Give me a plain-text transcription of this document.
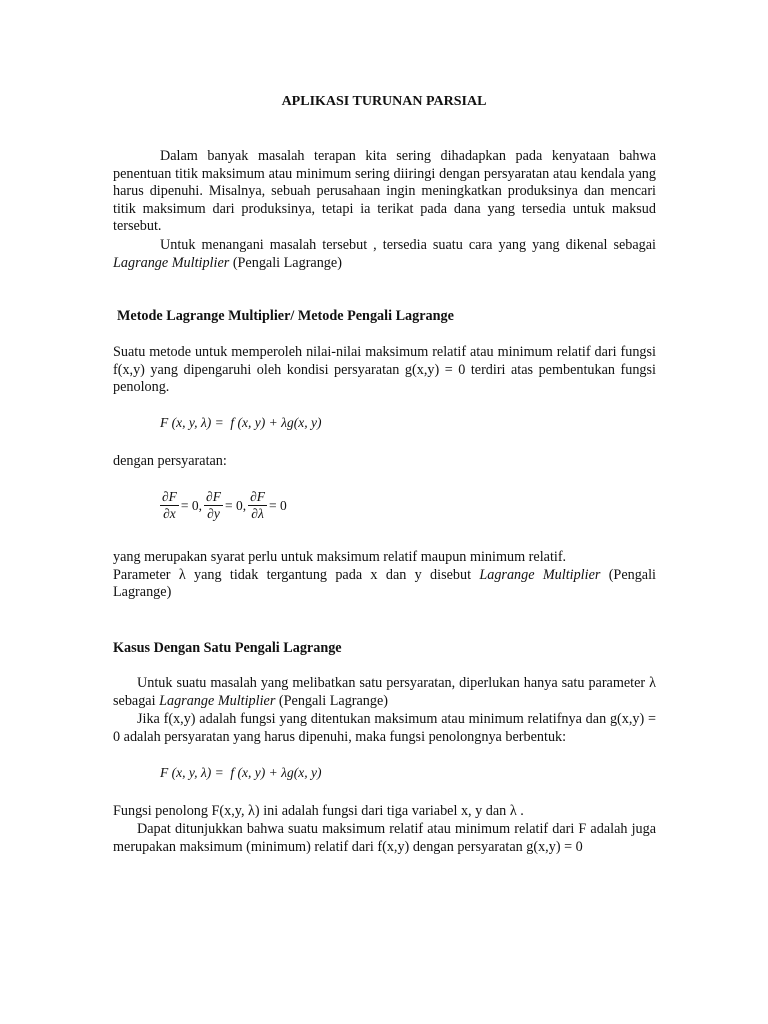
APLIKASI TURUNAN PARSIAL
Dalam banyak masalah terapan kita sering dihadapkan pada kenyataan bahwa penentuan titik maksimum atau minimum sering diiringi dengan persyaratan atau kendala yang harus dipenuhi. Misalnya, sebuah perusahaan ingin meningkatkan produksinya dan mencari titik maksimum dari produksinya, tetapi ia terikat pada dana yang tersedia untuk maksud tersebut.
Untuk menangani masalah tersebut , tersedia suatu cara yang yang dikenal sebagai Lagrange Multiplier (Pengali Lagrange)
Metode Lagrange Multiplier/ Metode Pengali Lagrange
Suatu metode untuk memperoleh nilai-nilai maksimum relatif atau minimum relatif dari fungsi f(x,y) yang dipengaruhi oleh kondisi persyaratan g(x,y) = 0 terdiri atas pembentukan fungsi penolong.
F (x, y, λ) =  f (x, y) + λg(x, y)
dengan persyaratan:
$\frac{\partial F}{\partial x} = 0$, $\frac{\partial F}{\partial y} = 0$, $\frac{\partial F}{\partial\lambda} = 0$
yang merupakan syarat perlu untuk maksimum relatif maupun minimum relatif.
Parameter λ yang tidak tergantung pada x dan y disebut Lagrange Multiplier (Pengali Lagrange)
Kasus Dengan Satu Pengali Lagrange
Untuk suatu masalah yang melibatkan satu persyaratan, diperlukan hanya satu parameter λ sebagai Lagrange Multiplier (Pengali Lagrange)
Jika f(x,y) adalah fungsi yang ditentukan maksimum atau minimum relatifnya dan g(x,y) = 0 adalah persyaratan yang harus dipenuhi, maka fungsi penolongnya berbentuk:
F (x, y, λ) =  f (x, y) + λg(x, y)
Fungsi penolong F(x,y, λ) ini adalah fungsi dari tiga variabel x, y dan λ .
Dapat ditunjukkan bahwa suatu maksimum relatif atau minimum relatif dari F adalah juga merupakan maksimum (minimum) relatif dari f(x,y) dengan persyaratan g(x,y) = 0
